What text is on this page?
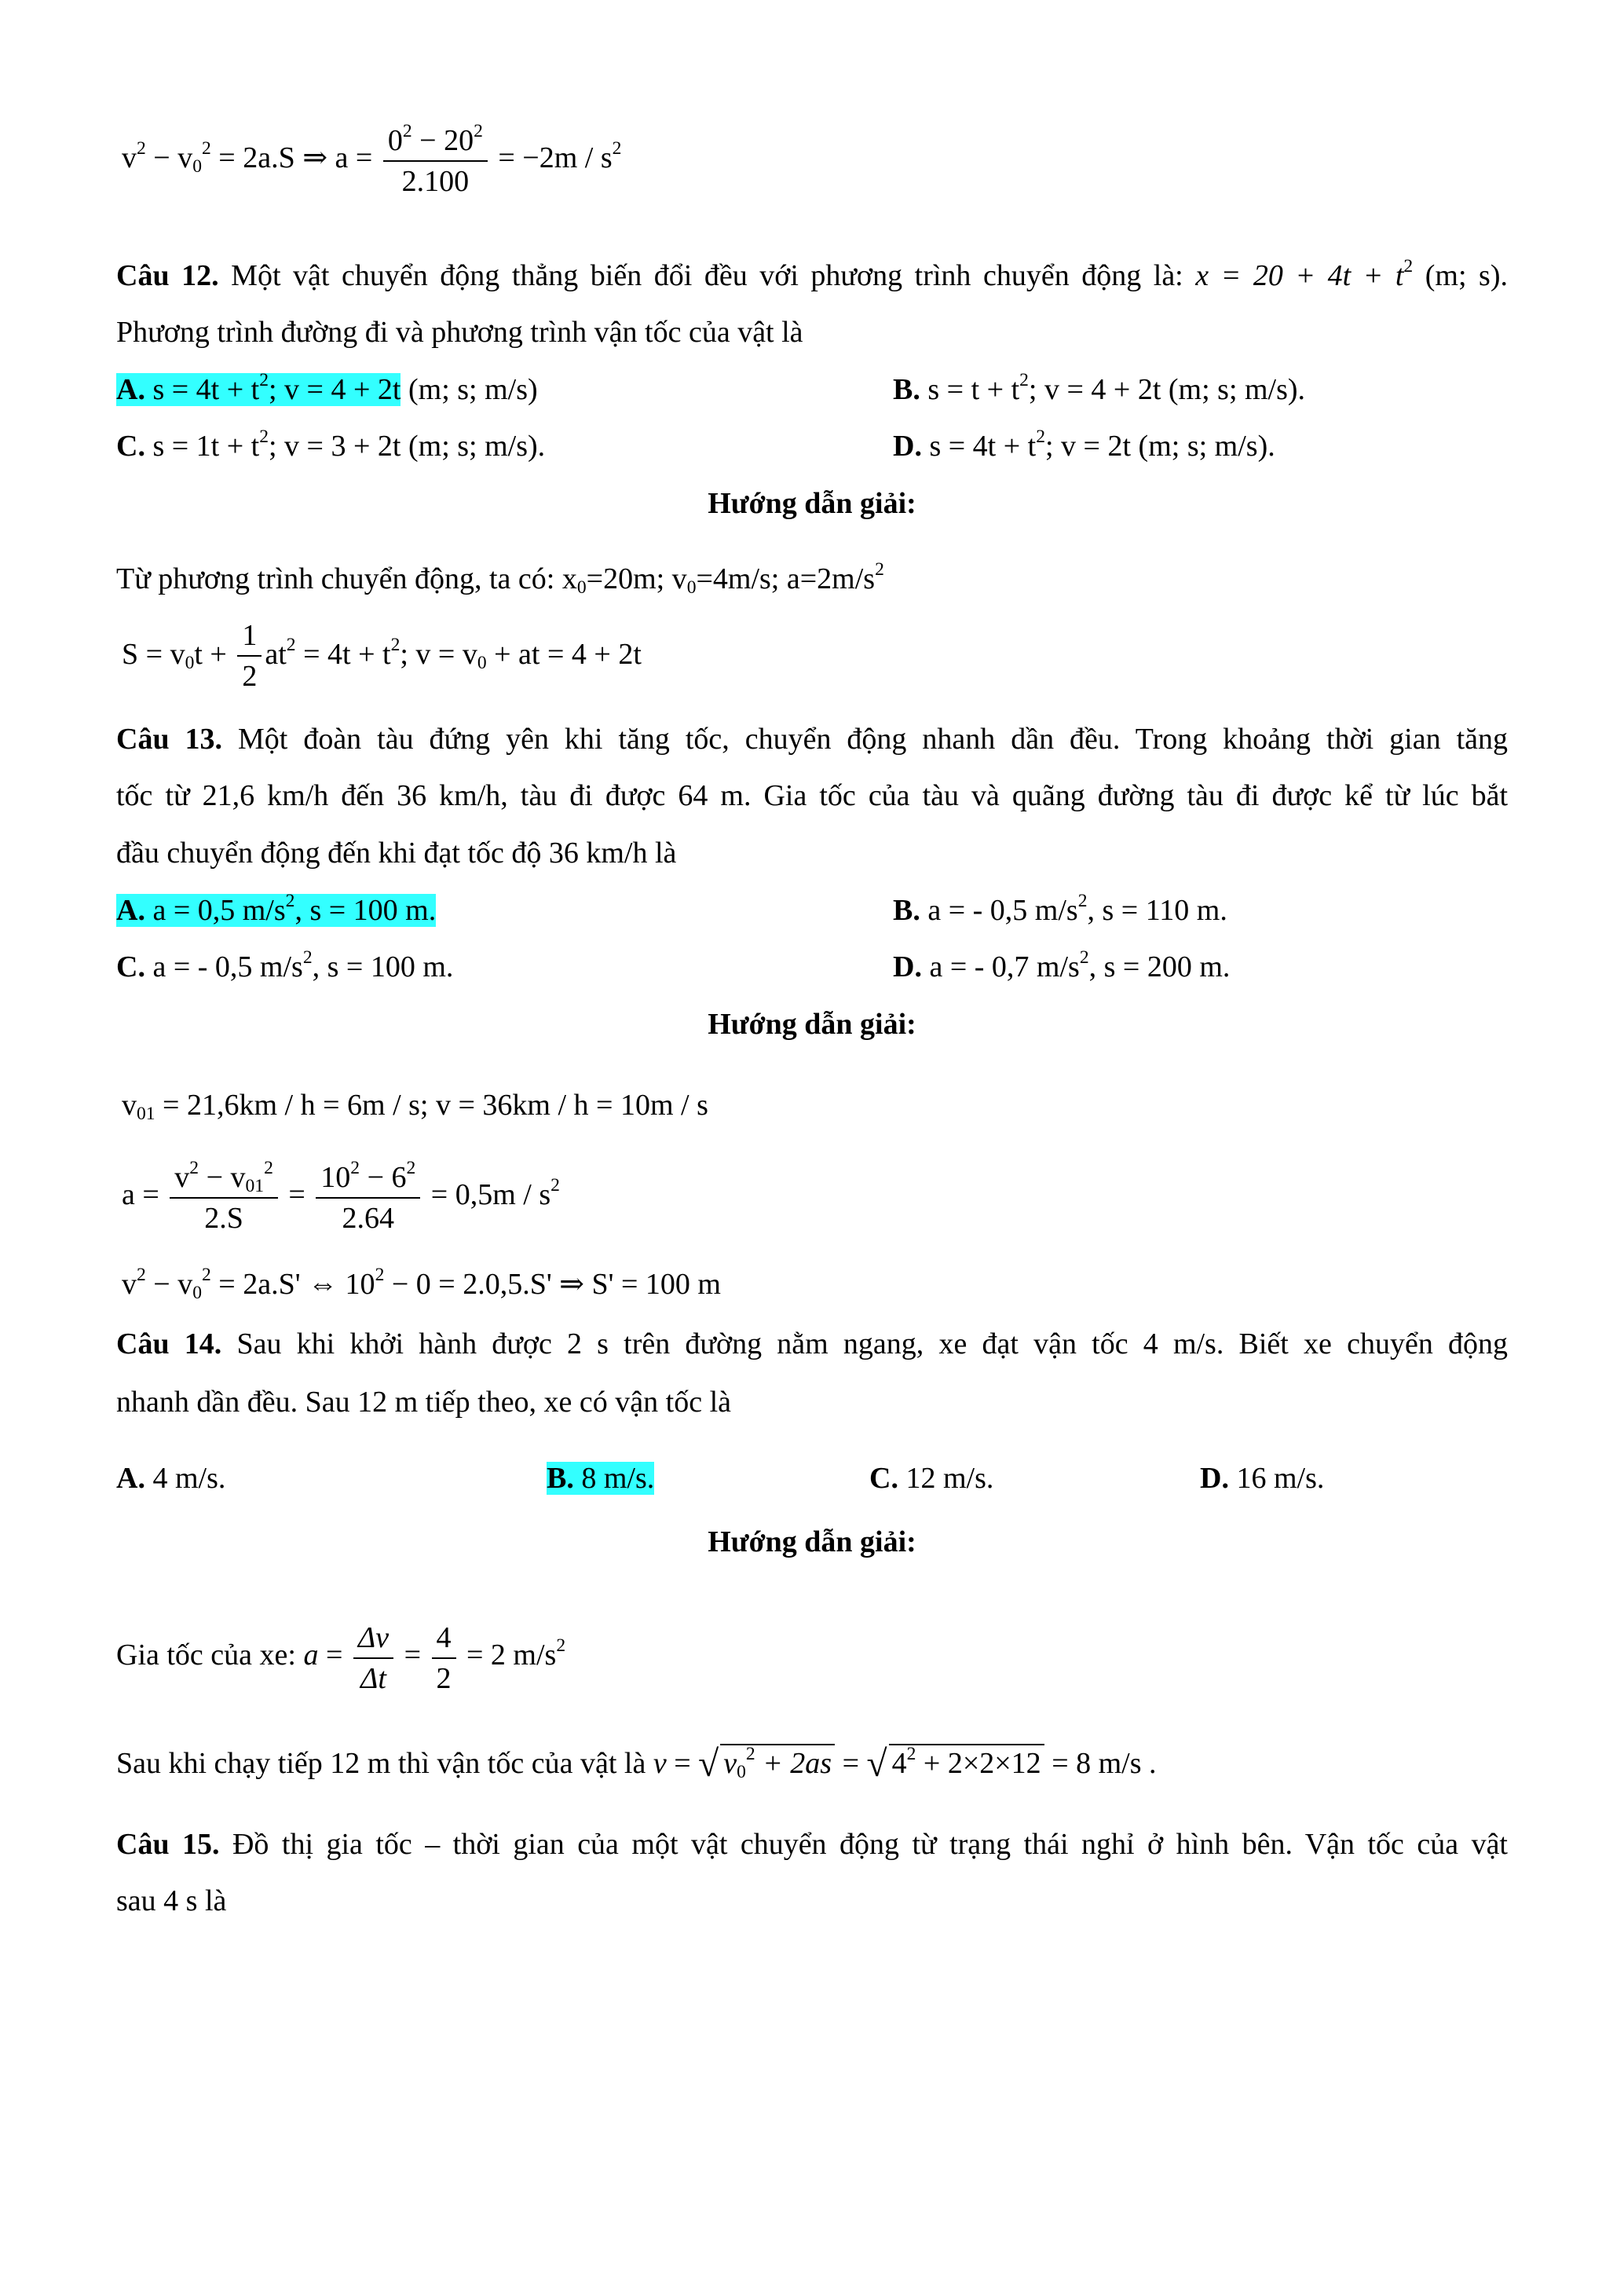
$v^2 - v_0^2 = 2a.S$ ⇒ $a = \frac{0^2 - 20^2}{2.100} = -2m / s^2$
Câu 12. Một vật chuyển động thẳng biến đổi đều với phương trình chuyển động là: $x = 20 + 4t + t^2$ (m; s).
Phương trình đường đi và phương trình vận tốc của vật là
A. $s = 4t + t^2$; v = 4 + 2t (m; s; m/s)	B. $s = t + t^2$; v = 4 + 2t (m; s; m/s).
C. $s = 1t + t^2$; v = 3 + 2t (m; s; m/s).	D. $s = 4t + t^2$; v = 2t (m; s; m/s).
Hướng dẫn giải:
Từ phương trình chuyển động, ta có: $x_0=20m$; $v_0=4m/s$; $a=2m/s^2$
$S = v_0t + \frac{1}{2} at^2 = 4t + t^2$; $v = v_0$ + at = 4 + 2t
Câu 13. Một đoàn tàu đứng yên khi tăng tốc, chuyển động nhanh dần đều. Trong khoảng thời gian tăng
tốc từ 21,6 km/h đến 36 km/h, tàu đi được 64 m. Gia tốc của tàu và quãng đường tàu đi được kể từ lúc bắt
đầu chuyển động đến khi đạt tốc độ 36 km/h là
A. a = 0,5 $m/s^2$, s = 100 m.	B. a = - 0,5 $m/s^2$, s = 110 m.
C. a = - 0,5 $m/s^2$, s = 100 m.	D. a = - 0,7 $m/s^2$, s = 200 m.
Hướng dẫn giải:
$v_{01} = 21,6km / h = 6m / s$; v = 36km / h = 10m / s
$a = \frac{v^2 - v_{01}^2}{2.S} = \frac{10^2 - 6^2}{2.64} = 0,5m / s^2$
$v^2 - v_0^2 = 2a.S'$ ⇔ $10^2 - 0 = 2.0,5.S'$ ⇒ S' = 100 m
Câu 14. Sau khi khởi hành được 2 s trên đường nằm ngang, xe đạt vận tốc 4 m/s. Biết xe chuyển động
nhanh dần đều. Sau 12 m tiếp theo, xe có vận tốc là
A. 4 m/s.	B. 8 m/s.	C. 12 m/s.	D. 16 m/s.
Hướng dẫn giải:
Gia tốc của xe: $a = \frac{\Delta v}{\Delta t} = \frac{4}{2} = 2$ $m/s^2$
Sau khi chạy tiếp 12 m thì vận tốc của vật là v = √ $v_0^2 + 2as$ = √ $4^2 + 2\times 2\times 12 = 8$ m/s .
Câu 15. Đồ thị gia tốc – thời gian của một vật chuyển động từ trạng thái nghỉ ở hình bên. Vận tốc của vật
sau 4 s là
